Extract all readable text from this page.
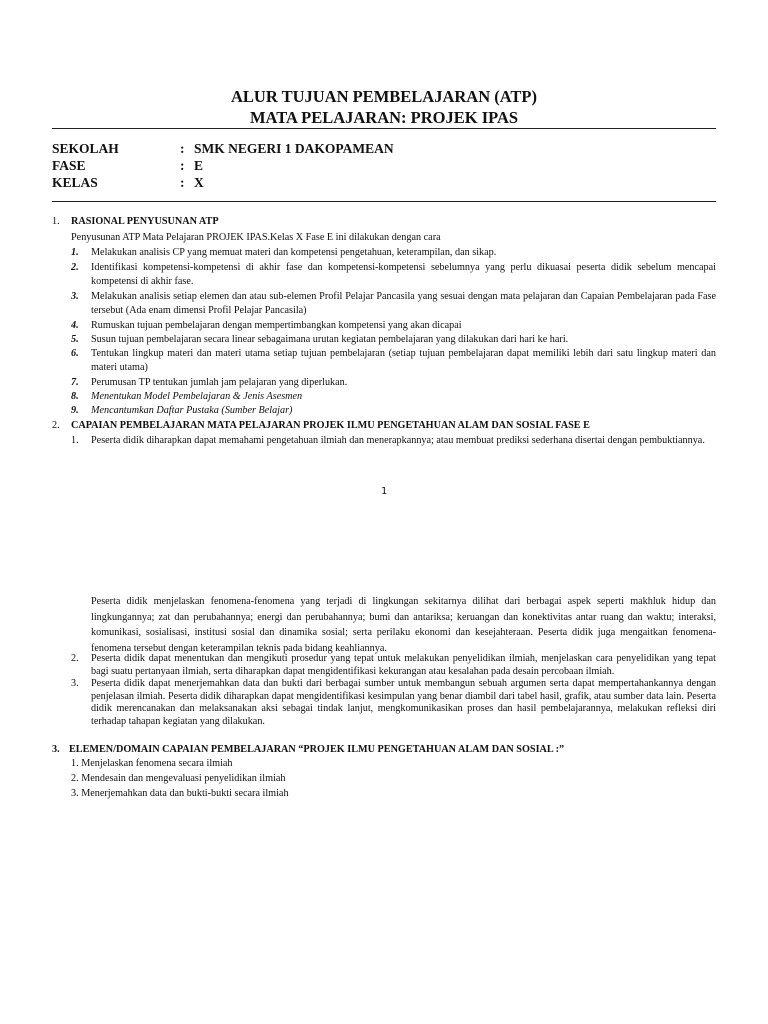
ALUR TUJUAN PEMBELAJARAN (ATP)
MATA PELAJARAN: PROJEK IPAS
SEKOLAH	: SMK NEGERI 1 DAKOPAMEAN
FASE	: E
KELAS	: X
1. RASIONAL PENYUSUNAN ATP
Penyusunan ATP Mata Pelajaran PROJEK IPAS.Kelas X Fase E ini dilakukan dengan cara
1. Melakukan analisis CP yang memuat materi dan kompetensi pengetahuan, keterampilan, dan sikap.
2. Identifikasi kompetensi-kompetensi di akhir fase dan kompetensi-kompetensi sebelumnya yang perlu dikuasai peserta didik sebelum mencapai kompetensi di akhir fase.
3. Melakukan analisis setiap elemen dan atau sub-elemen Profil Pelajar Pancasila yang sesuai dengan mata pelajaran dan Capaian Pembelajaran pada Fase tersebut (Ada enam dimensi Profil Pelajar Pancasila)
4. Rumuskan tujuan pembelajaran dengan mempertimbangkan kompetensi yang akan dicapai
5. Susun tujuan pembelajaran secara linear sebagaimana urutan kegiatan pembelajaran yang dilakukan dari hari ke hari.
6. Tentukan lingkup materi dan materi utama setiap tujuan pembelajaran (setiap tujuan pembelajaran dapat memiliki lebih dari satu lingkup materi dan materi utama)
7. Perumusan TP tentukan jumlah jam pelajaran yang diperlukan.
8. Menentukan Model Pembelajaran & Jenis Asesmen
9. Mencantumkan Daftar Pustaka (Sumber Belajar)
2. CAPAIAN PEMBELAJARAN MATA PELAJARAN PROJEK ILMU PENGETAHUAN ALAM DAN SOSIAL FASE E
1. Peserta didik diharapkan dapat memahami pengetahuan ilmiah dan menerapkannya; atau membuat prediksi sederhana disertai dengan pembuktiannya.
1
Peserta didik menjelaskan fenomena-fenomena yang terjadi di lingkungan sekitarnya dilihat dari berbagai aspek seperti makhluk hidup dan lingkungannya; zat dan perubahannya; energi dan perubahannya; bumi dan antariksa; keruangan dan konektivitas antar ruang dan waktu; interaksi, komunikasi, sosialisasi, institusi sosial dan dinamika sosial; serta perilaku ekonomi dan kesejahteraan. Peserta didik juga mengaitkan fenomena-fenomena tersebut dengan keterampilan teknis pada bidang keahliannya.
2. Peserta didik dapat menentukan dan mengikuti prosedur yang tepat untuk melakukan penyelidikan ilmiah, menjelaskan cara penyelidikan yang tepat bagi suatu pertanyaan ilmiah, serta diharapkan dapat mengidentifikasi kekurangan atau kesalahan pada desain percobaan ilmiah.
3. Peserta didik dapat menerjemahkan data dan bukti dari berbagai sumber untuk membangun sebuah argumen serta dapat mempertahankannya dengan penjelasan ilmiah. Peserta didik diharapkan dapat mengidentifikasi kesimpulan yang benar diambil dari tabel hasil, grafik, atau sumber data lain. Peserta didik merencanakan dan melaksanakan aksi sebagai tindak lanjut, mengkomunikasikan proses dan hasil pembelajarannya, melakukan refleksi diri terhadap tahapan kegiatan yang dilakukan.
3. ELEMEN/DOMAIN CAPAIAN PEMBELAJARAN “PROJEK ILMU PENGETAHUAN ALAM DAN SOSIAL :”
1. Menjelaskan fenomena secara ilmiah
2. Mendesain dan mengevaluasi penyelidikan ilmiah
3. Menerjemahkan data dan bukti-bukti secara ilmiah
